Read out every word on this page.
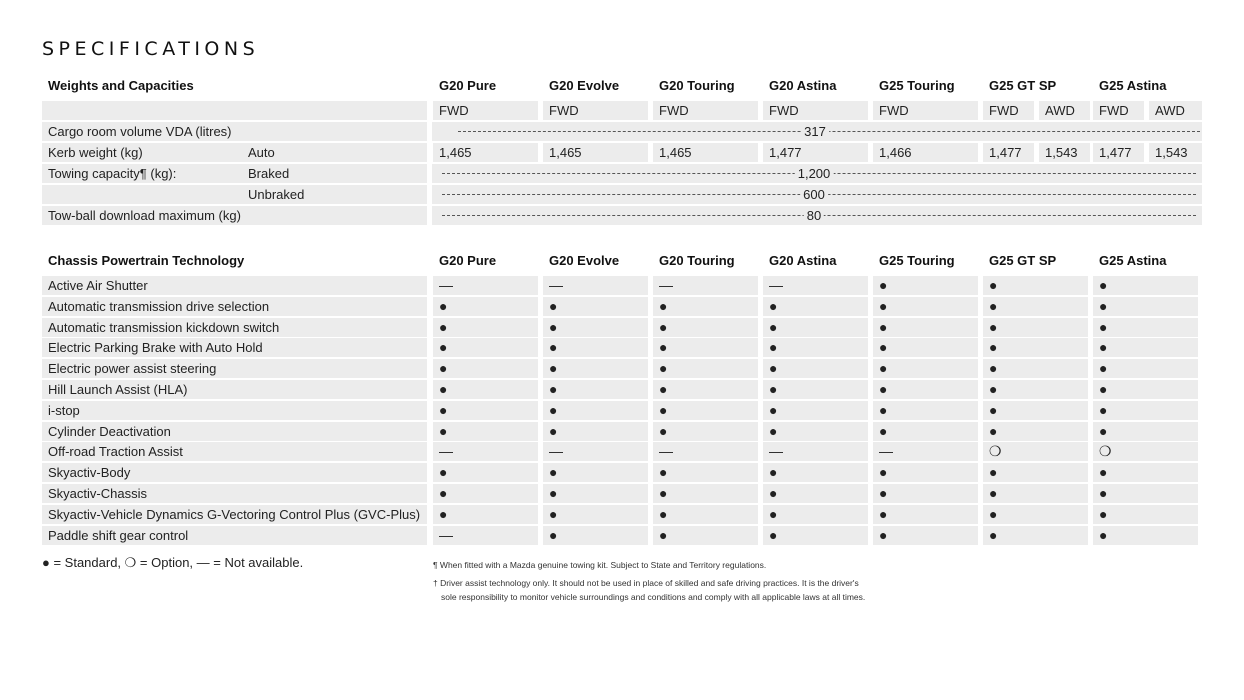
SPECIFICATIONS
Weights and Capacities	G20 Pure	G20 Evolve	G20 Touring	G20 Astina	G25 Touring	G25 GT SP	G25 Astina
FWD	FWD	FWD	FWD	FWD	FWD	AWD	FWD	AWD
Cargo room volume VDA (litres)	317
Kerb weight (kg)	Auto	1,465	1,465	1,465	1,477	1,466	1,477	1,543	1,477	1,543
Towing capacity¶ (kg):	Braked	1,200
Unbraked	600
Tow-ball download maximum (kg)	80
Chassis Powertrain Technology	G20 Pure	G20 Evolve	G20 Touring	G20 Astina	G25 Touring	G25 GT SP	G25 Astina
Active Air Shutter	—	—	—	—	●	●	●
Automatic transmission drive selection	●	●	●	●	●	●	●
Automatic transmission kickdown switch	●	●	●	●	●	●	●
Electric Parking Brake with Auto Hold	●	●	●	●	●	●	●
Electric power assist steering	●	●	●	●	●	●	●
Hill Launch Assist (HLA)	●	●	●	●	●	●	●
i-stop	●	●	●	●	●	●	●
Cylinder Deactivation	●	●	●	●	●	●	●
Off-road Traction Assist	—	—	—	—	—	❍	❍
Skyactiv-Body	●	●	●	●	●	●	●
Skyactiv-Chassis	●	●	●	●	●	●	●
Skyactiv-Vehicle Dynamics G-Vectoring Control Plus (GVC-Plus)	●	●	●	●	●	●	●
Paddle shift gear control	—	●	●	●	●	●	●
● = Standard, ❍ = Option, — = Not available.	¶ When fitted with a Mazda genuine towing kit. Subject to State and Territory regulations.
† Driver assist technology only. It should not be used in place of skilled and safe driving practices. It is the driver's
sole responsibility to monitor vehicle surroundings and conditions and comply with all applicable laws at all times.
